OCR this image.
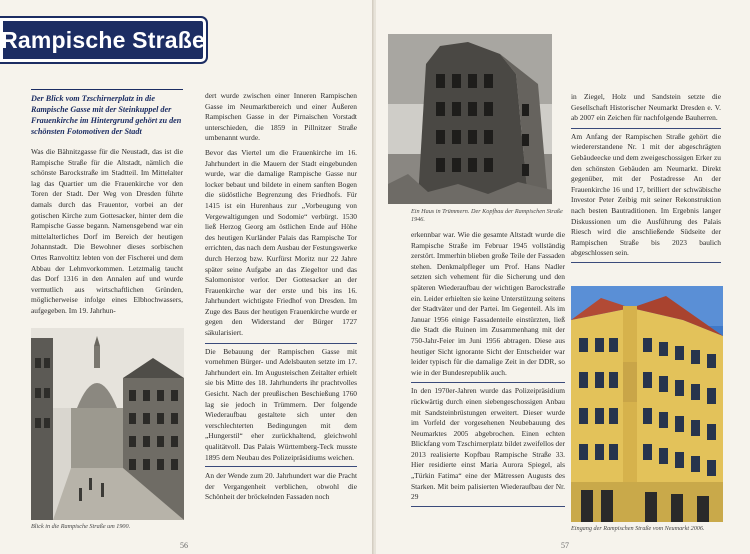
Rampische Straße
Der Blick vom Tzschirnerplatz in die Rampische Gasse mit der Steinkuppel der Frauenkirche im Hintergrund gehört zu den schönsten Fotomotiven der Stadt

Was die Bähnitzgasse für die Neustadt, das ist die Rampische Straße für die Altstadt, nämlich die schönste Barockstraße im Stadtteil. Im Mittelalter lag das Quartier um die Frauenkirche vor den Toren der Stadt. Der Weg von Dresden führte damals durch das Frauentor, vorbei an der gotischen Kirche zum Gottesacker, hinter dem die Rampische Gasse begann. Namensgebend war ein mittelalterliches Dorf im Bereich der heutigen Johannstadt. Die Bewohner dieses sorbischen Ortes Ranvoltitz lebten von der Fischerei und dem Abbau der Lehmvorkommen. Letztmalig taucht das Dorf 1316 in den Annalen auf und wurde vermutlich aus wirtschaftlichen Gründen, möglicherweise infolge eines Elbhochwassers, aufgegeben. Im 19. Jahrhun-

Blick in die Rampische Straße um 1900.

dert wurde zwischen einer Inneren Rampischen Gasse im Neumarktbereich und einer Äußeren Rampischen Gasse in der Pirnaischen Vorstadt unterschieden, die 1859 in Pillnitzer Straße umbenannt wurde.

Bevor das Viertel um die Frauenkirche im 16. Jahrhundert in die Mauern der Stadt eingebunden wurde, war die damalige Rampische Gasse nur locker bebaut und bildete in einem sanften Bogen die südöstliche Begrenzung des Friedhofs. Für 1415 ist ein Hurenhaus zur „Vorbeugung von Vergewaltigungen und Sodomie“ verbürgt. 1530 ließ Herzog Georg am östlichen Ende auf Höhe des heutigen Kurländer Palais das Rampische Tor errichten, das nach dem Ausbau der Festungswerke durch Herzog bzw. Kurfürst Moritz nur 22 Jahre später seine Aufgabe an das Ziegeltor und das Salomonistor verlor. Der Gottesacker an der Frauenkirche war der erste und bis ins 16. Jahrhundert wichtigste Friedhof von Dresden. Im Zuge des Baus der heutigen Frauenkirche wurde er gegen den Widerstand der Bürger 1727 säkularisiert.

Die Bebauung der Rampischen Gasse mit vornehmen Bürger- und Adelsbauten setzte im 17. Jahrhundert ein. Im Augusteischen Zeitalter erhielt sie bis Mitte des 18. Jahrhunderts ihr prachtvolles Gesicht. Nach der preußischen Beschießung 1760 lag sie jedoch in Trümmern. Der folgende Wiederaufbau gestaltete sich unter den verschlechterten Bedingungen mit dem „Hungerstil“ eher zurückhaltend, gleichwohl qualitätvoll. Das Palais Württemberg-Teck musste 1895 dem Neubau des Polizeipräsidiums weichen.

An der Wende zum 20. Jahrhundert war die Pracht der Vergangenheit verblichen, obwohl die Schönheit der bröckelnden Fassaden noch

56
Ein Haus in Trümmern. Der Kopfbau der Rampischen Straße 1946.

erkennbar war. Wie die gesamte Altstadt wurde die Rampische Straße im Februar 1945 vollständig zerstört. Immerhin blieben große Teile der Fassaden stehen. Denkmalpfleger um Prof. Hans Nadler setzten sich vehement für die Sicherung und den späteren Wiederaufbau der wichtigen Barockstraße ein. Leider erhielten sie keine Unterstützung seitens der Stadtväter und der Partei. Im Gegenteil. Als im Januar 1956 einige Fassadenteile einstürzten, ließ die Stadt die Ruinen im Zusammenhang mit der 750-Jahr-Feier im Juni 1956 abtragen. Diese aus heutiger Sicht ignorante Sicht der Entscheider war leider typisch für die damalige Zeit in der DDR, so wie in der Bundesrepublik auch.

In den 1970er-Jahren wurde das Polizeipräsidium rückwärtig durch einen siebengeschossigen Anbau mit Sandsteinbrüstungen erweitert. Dieser wurde im Vorfeld der vorgesehenen Neubebauung des Neumarktes 2005 abgebrochen. Einen echten Blickfang vom Tzschirnerplatz bildet zweifellos der 2013 realisierte Kopfbau Rampische Straße 33. Hier residierte einst Maria Aurora Spiegel, als „Türkin Fatima“ eine der Mätressen Augusts des Starken. Mit beim palisierten Wiederaufbau der Nr. 29

in Ziegel, Holz und Sandstein setzte die Gesellschaft Historischer Neumarkt Dresden e. V. ab 2007 ein Zeichen für nachfolgende Bauherren.

Am Anfang der Rampischen Straße gehört die wiedererstandene Nr. 1 mit der abgeschrägten Gebäudeecke und dem zweigeschossigen Erker zu den schönsten Gebäuden am Neumarkt. Direkt gegenüber, mit der Postadresse An der Frauenkirche 16 und 17, brilliert der schwäbische Investor Peter Zeibig mit seiner Rekonstruktion nach besten Bautraditionen. Im Ergebnis langer Diskussionen um die Ausführung des Palais Riesch wird die anschließende Südseite der Rampischen Straße bis 2023 baulich abgeschlossen sein.

Eingang der Rampischen Straße vom Neumarkt 2006.
57
